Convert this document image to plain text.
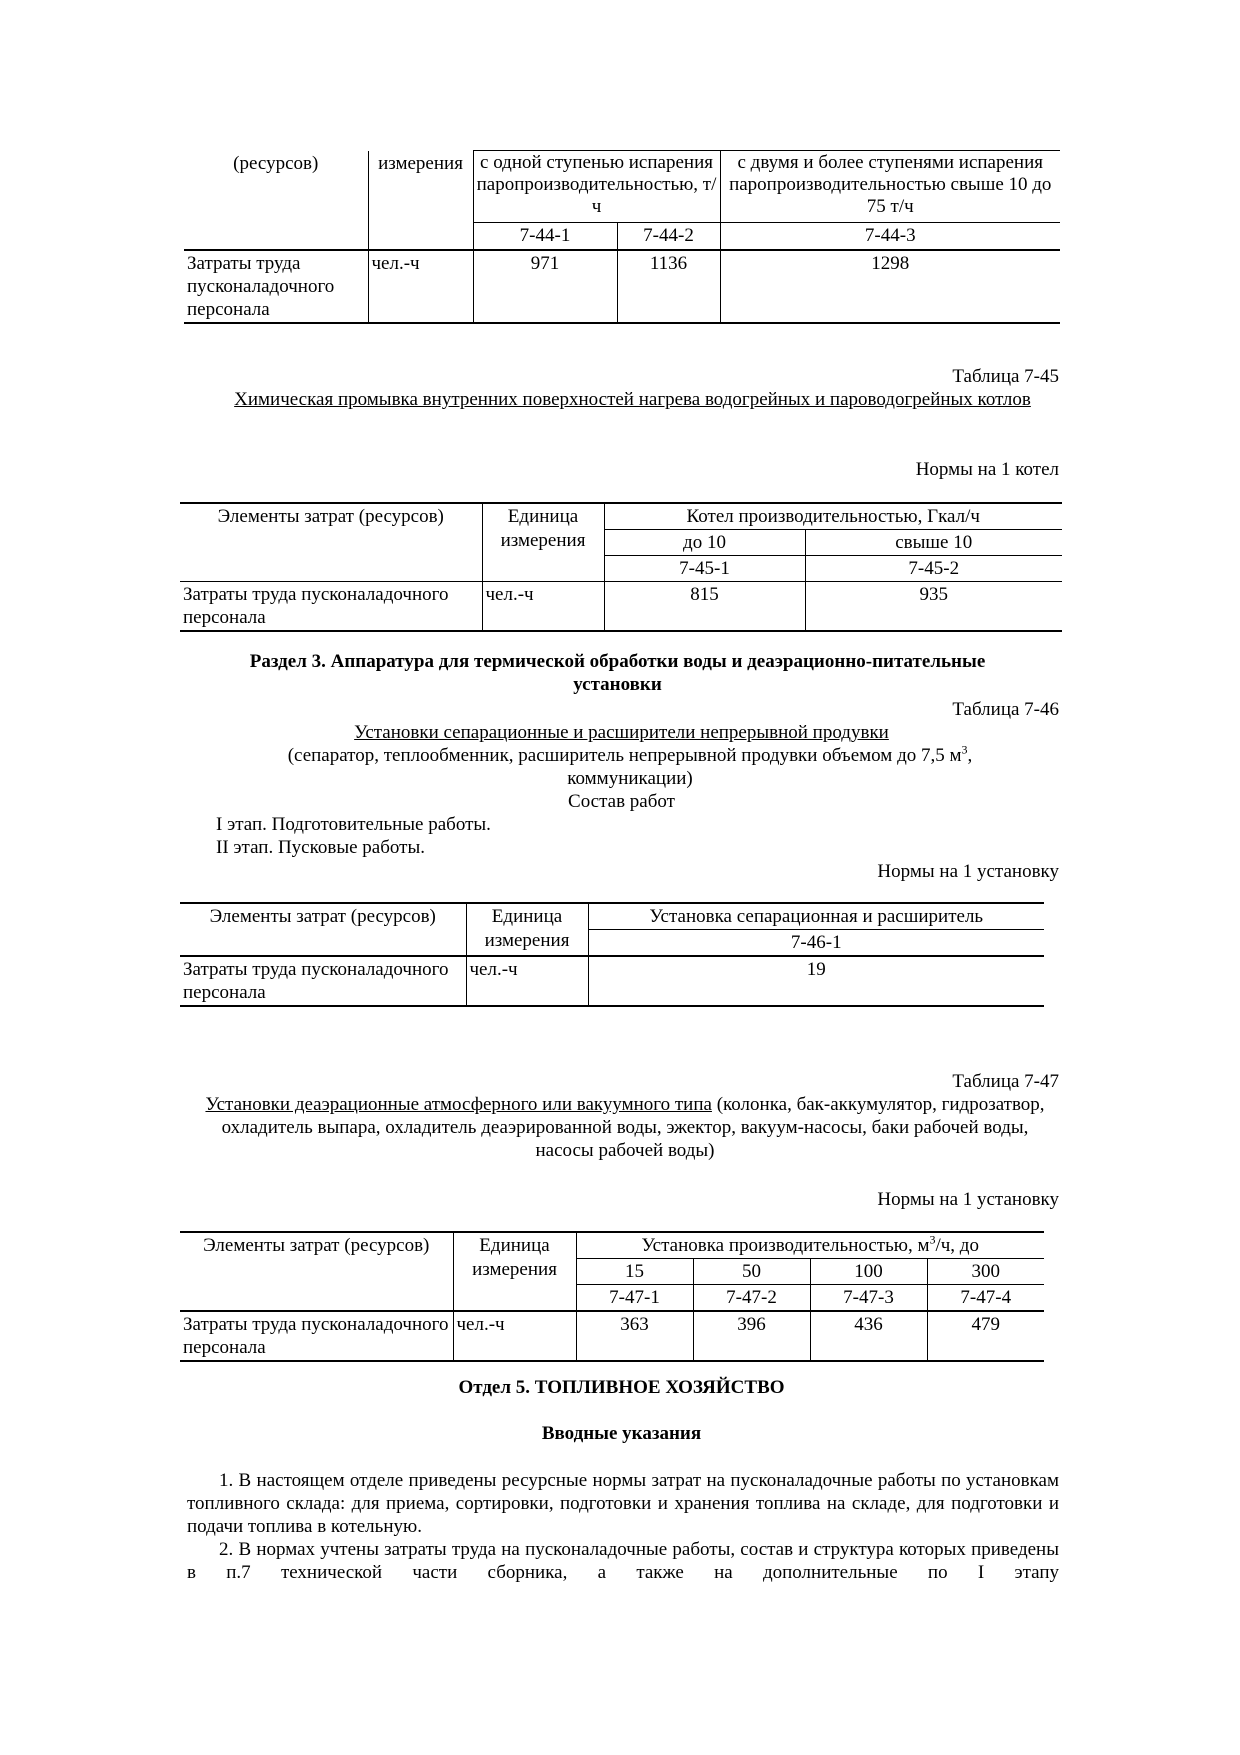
(ресурсов)	измерения	с одной ступенью испарения паропроизводительностью, т/ч		с двумя и более ступенями испарения паропроизводительностью свыше 10 до 75 т/ч
		7-44-1	7-44-2	7-44-3
Затраты труда пусконаладочного персонала	чел.-ч	971	1136	1298
Таблица 7-45
Химическая промывка внутренних поверхностей нагрева водогрейных и пароводогрейных котлов
Нормы на 1 котел
Элементы затрат (ресурсов)	Единица измерения	Котел производительностью, Гкал/ч	
		до 10	свыше 10
		7-45-1	7-45-2
Затраты труда пусконаладочного персонала	чел.-ч	815	935
Раздел 3. Аппаратура для термической обработки воды и деаэрационно-питательные установки
Таблица 7-46
Установки сепарационные и расширители непрерывной продувки
(сепаратор, теплообменник, расширитель непрерывной продувки объемом до 7,5 $м^3$, коммуникации)
Состав работ
I этап. Подготовительные работы.
II этап. Пусковые работы.
Нормы на 1 установку
Элементы затрат (ресурсов)	Единица измерения	Установка сепарационная и расширитель
		7-46-1
Затраты труда пусконаладочного персонала	чел.-ч	19
Таблица 7-47
Установки деаэрационные атмосферного или вакуумного типа (колонка, бак-аккумулятор, гидрозатвор, охладитель выпара, охладитель деаэрированной воды, эжектор, вакуум-насосы, баки рабочей воды, насосы рабочей воды)
Нормы на 1 установку
Элементы затрат (ресурсов)	Единица измерения	Установка производительностью, $м^3/ч$, до			
		15	50	100	300
		7-47-1	7-47-2	7-47-3	7-47-4
Затраты труда пусконаладочного персонала	чел.-ч	363	396	436	479
Отдел 5. ТОПЛИВНОЕ ХОЗЯЙСТВО
Вводные указания
1. В настоящем отделе приведены ресурсные нормы затрат на пусконаладочные работы по установкам топливного склада: для приема, сортировки, подготовки и хранения топлива на складе, для подготовки и подачи топлива в котельную.
2. В нормах учтены затраты труда на пусконаладочные работы, состав и структура которых приведены в п.7 технической части сборника, а также на дополнительные по I этапу
